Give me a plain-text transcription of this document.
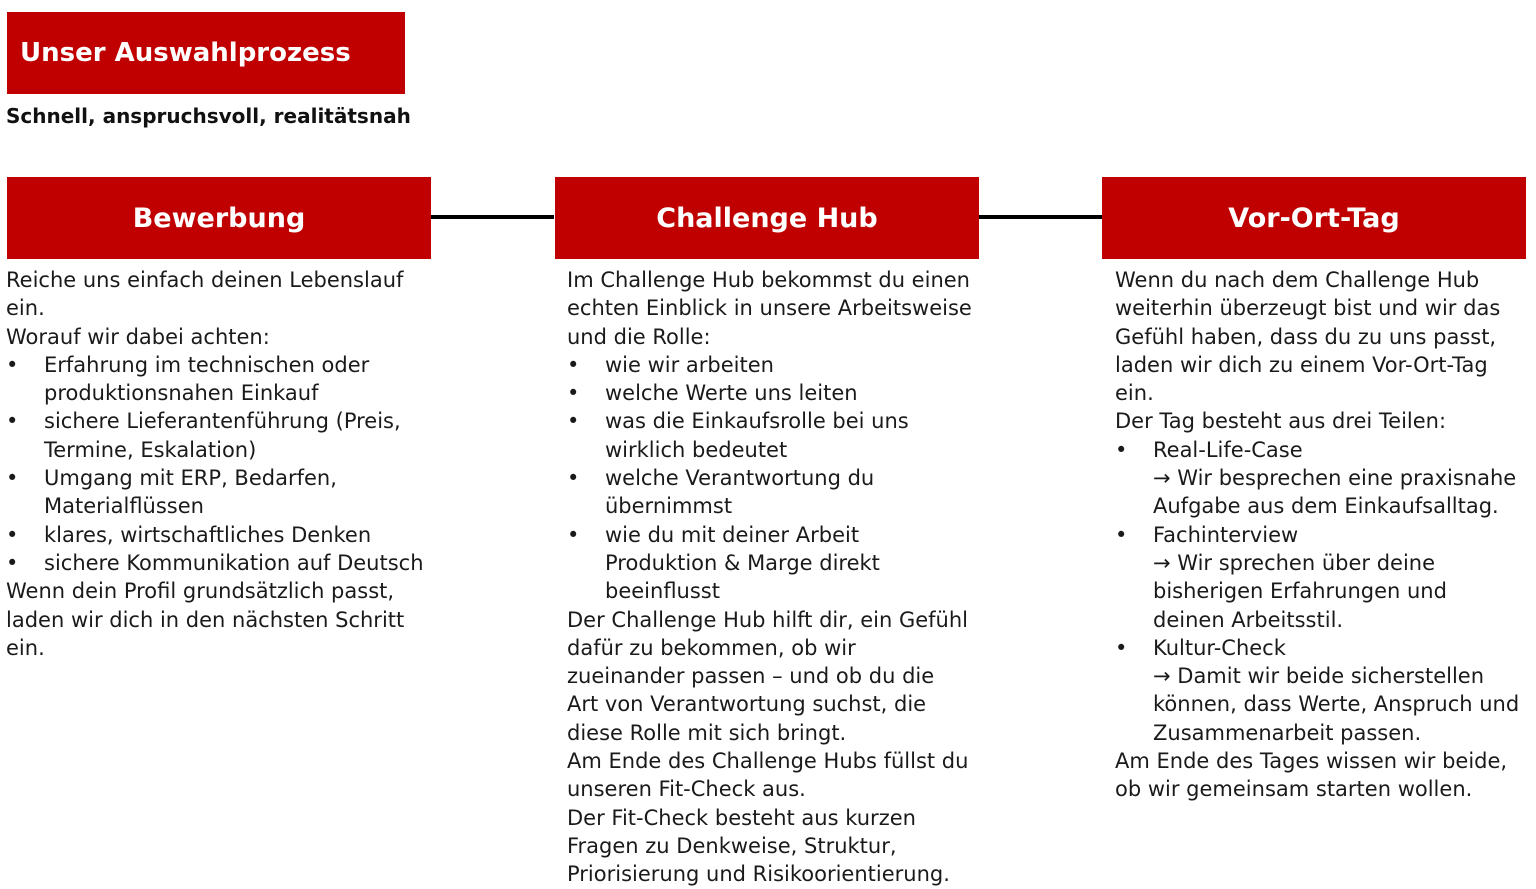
Unser Auswahlprozess
Schnell, anspruchsvoll, realitätsnah
Bewerbung	Challenge Hub	Vor-Ort-Tag

Reiche uns einfach deinen Lebenslauf ein.

Worauf wir dabei achten:

• Erfahrung im technischen oder produktionsnahen Einkauf
• sichere Lieferantenführung (Preis, Termine, Eskalation)
• Umgang mit ERP, Bedarfen, Materialflüssen
• klares, wirtschaftliches Denken
• sichere Kommunikation auf Deutsch

Wenn dein Profil grundsätzlich passt, laden wir dich in den nächsten Schritt ein.

Im Challenge Hub bekommst du einen echten Einblick in unsere Arbeitsweise und die Rolle:

• wie wir arbeiten
• welche Werte uns leiten
• was die Einkaufsrolle bei uns wirklich bedeutet
• welche Verantwortung du übernimmst
• wie du mit deiner Arbeit Produktion & Marge direkt beeinflusst

Der Challenge Hub hilft dir, ein Gefühl dafür zu bekommen, ob wir zueinander passen – und ob du die Art von Verantwortung suchst, die diese Rolle mit sich bringt.

Am Ende des Challenge Hubs füllst du unseren Fit-Check aus.

Der Fit-Check besteht aus kurzen Fragen zu Denkweise, Struktur, Priorisierung und Risikoorientierung.

Wenn du nach dem Challenge Hub weiterhin überzeugt bist und wir das Gefühl haben, dass du zu uns passt, laden wir dich zu einem Vor-Ort-Tag ein.

Der Tag besteht aus drei Teilen:

• Real-Life-Case
→ Wir besprechen eine praxisnahe Aufgabe aus dem Einkaufsalltag.
• Fachinterview
→ Wir sprechen über deine bisherigen Erfahrungen und deinen Arbeitsstil.
• Kultur-Check
→ Damit wir beide sicherstellen können, dass Werte, Anspruch und Zusammenarbeit passen.

Am Ende des Tages wissen wir beide, ob wir gemeinsam starten wollen.
